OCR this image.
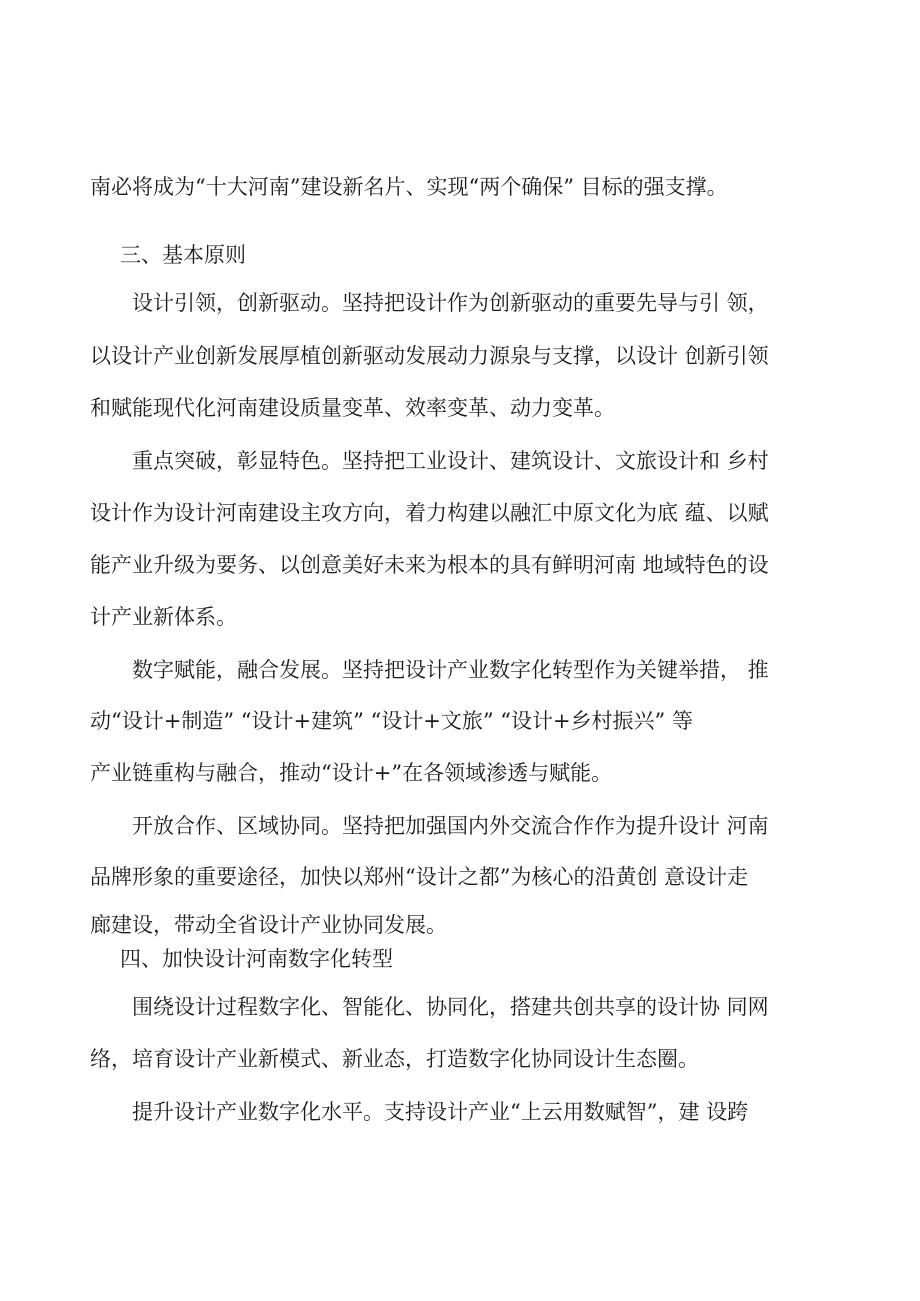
南必将成为“十大河南”建设新名片、实现“两个确保” 目标的强支撑。
三、基本原则
设计引领，创新驱动。坚持把设计作为创新驱动的重要先导与引 领，
以设计产业创新发展厚植创新驱动发展动力源泉与支撑，以设计 创新引领
和赋能现代化河南建设质量变革、效率变革、动力变革。
重点突破，彰显特色。坚持把工业设计、建筑设计、文旅设计和 乡村
设计作为设计河南建设主攻方向，着力构建以融汇中原文化为底 蕴、以赋
能产业升级为要务、以创意美好未来为根本的具有鲜明河南 地域特色的设
计产业新体系。
数字赋能，融合发展。坚持把设计产业数字化转型作为关键举措， 推
动“设计+制造” “设计+建筑” “设计+文旅” “设计+乡村振兴” 等
产业链重构与融合，推动“设计+”在各领域渗透与赋能。
开放合作、区域协同。坚持把加强国内外交流合作作为提升设计 河南
品牌形象的重要途径，加快以郑州“设计之都”为核心的沿黄创 意设计走
廊建设，带动全省设计产业协同发展。
四、加快设计河南数字化转型
围绕设计过程数字化、智能化、协同化，搭建共创共享的设计协 同网
络，培育设计产业新模式、新业态，打造数字化协同设计生态圈。
提升设计产业数字化水平。支持设计产业“上云用数赋智”，建 设跨
